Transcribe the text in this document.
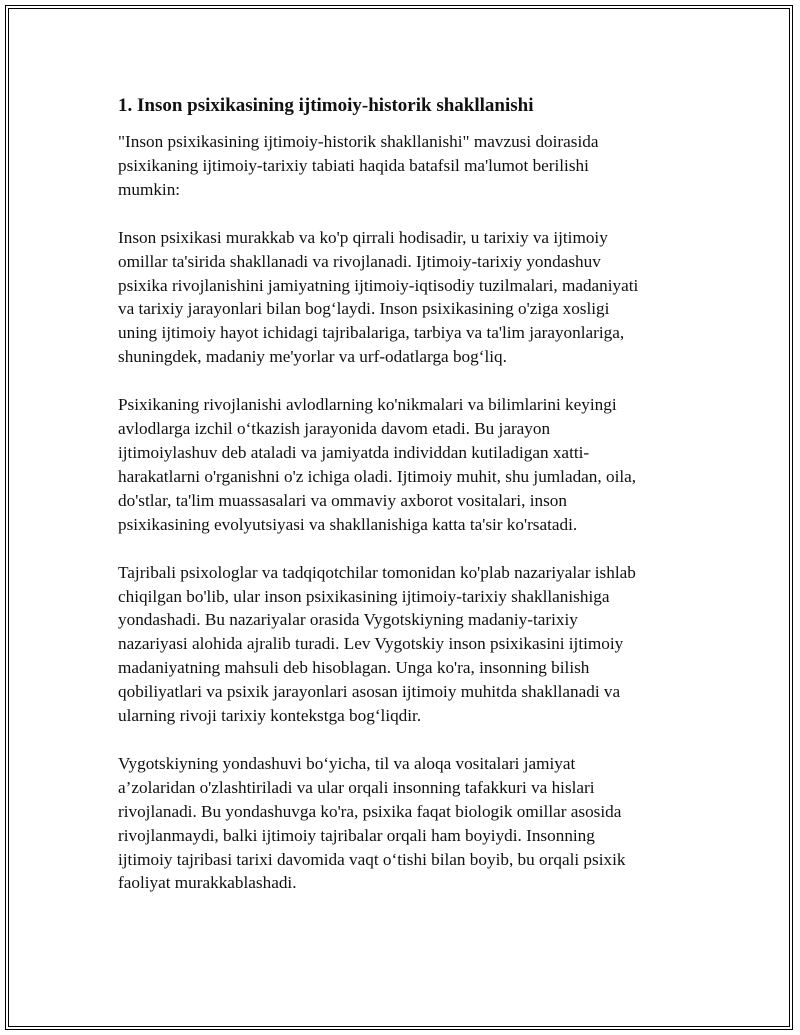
1. Inson psixikasining ijtimoiy-historik shakllanishi
"Inson psixikasining ijtimoiy-historik shakllanishi" mavzusi doirasida
psixikaning ijtimoiy-tarixiy tabiati haqida batafsil ma'lumot berilishi
mumkin:
Inson psixikasi murakkab va ko'p qirrali hodisadir, u tarixiy va ijtimoiy
omillar ta'sirida shakllanadi va rivojlanadi. Ijtimoiy-tarixiy yondashuv
psixika rivojlanishini jamiyatning ijtimoiy-iqtisodiy tuzilmalari, madaniyati
va tarixiy jarayonlari bilan bog‘laydi. Inson psixikasining o'ziga xosligi
uning ijtimoiy hayot ichidagi tajribalariga, tarbiya va ta'lim jarayonlariga,
shuningdek, madaniy me'yorlar va urf-odatlarga bog‘liq.
Psixikaning rivojlanishi avlodlarning ko'nikmalari va bilimlarini keyingi
avlodlarga izchil o‘tkazish jarayonida davom etadi. Bu jarayon
ijtimoiylashuv deb ataladi va jamiyatda individdan kutiladigan xatti-
harakatlarni o'rganishni o'z ichiga oladi. Ijtimoiy muhit, shu jumladan, oila,
do'stlar, ta'lim muassasalari va ommaviy axborot vositalari, inson
psixikasining evolyutsiyasi va shakllanishiga katta ta'sir ko'rsatadi.
Tajribali psixologlar va tadqiqotchilar tomonidan ko'plab nazariyalar ishlab
chiqilgan bo'lib, ular inson psixikasining ijtimoiy-tarixiy shakllanishiga
yondashadi. Bu nazariyalar orasida Vygotskiyning madaniy-tarixiy
nazariyasi alohida ajralib turadi. Lev Vygotskiy inson psixikasini ijtimoiy
madaniyatning mahsuli deb hisoblagan. Unga ko'ra, insonning bilish
qobiliyatlari va psixik jarayonlari asosan ijtimoiy muhitda shakllanadi va
ularning rivoji tarixiy kontekstga bog‘liqdir.
Vygotskiyning yondashuvi bo‘yicha, til va aloqa vositalari jamiyat
a’zolaridan o'zlashtiriladi va ular orqali insonning tafakkuri va hislari
rivojlanadi. Bu yondashuvga ko'ra, psixika faqat biologik omillar asosida
rivojlanmaydi, balki ijtimoiy tajribalar orqali ham boyiydi. Insonning
ijtimoiy tajribasi tarixi davomida vaqt o‘tishi bilan boyib, bu orqali psixik
faoliyat murakkablashadi.
